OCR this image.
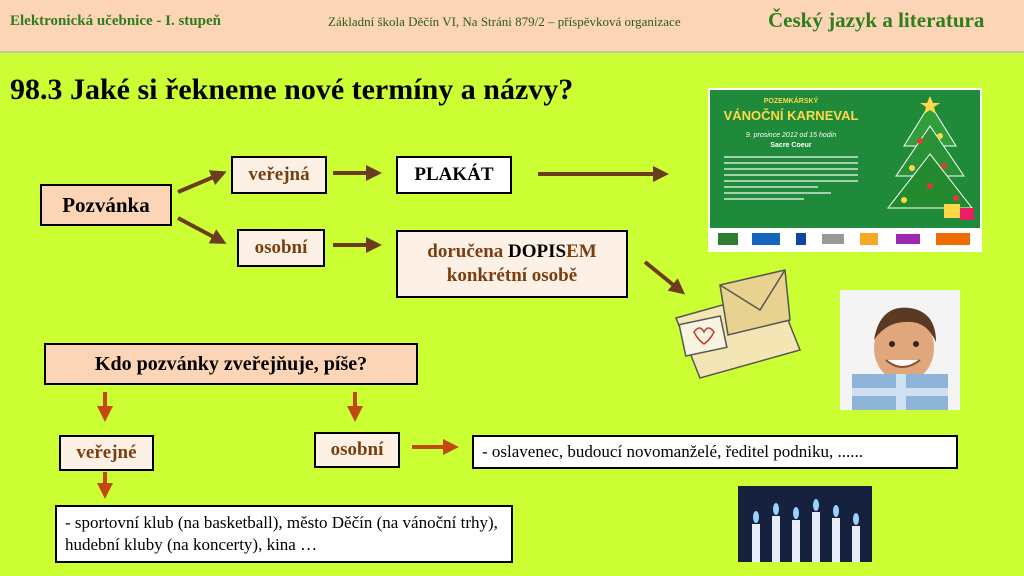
Elektronická učebnice - I. stupeň	Základní škola Děčín VI, Na Stráni 879/2 – příspěvková organizace	Český jazyk a literatura
98.3 Jaké si řekneme nové termíny a názvy?
Pozvánka
veřejná	PLAKÁT
osobní	doručena DOPISEM
konkrétní osobě
Kdo pozvánky zveřejňuje, píše?
veřejné	osobní	- oslavenec, budoucí novomanželé, ředitel podniku, ......
- sportovní klub (na basketball), město Děčín (na vánoční trhy), hudební kluby (na koncerty), kina …
POZEMKÁRSKÝ
VÁNOČNÍ KARNEVAL
9. prosince 2012 od 15 hodin
Sacre Coeur
